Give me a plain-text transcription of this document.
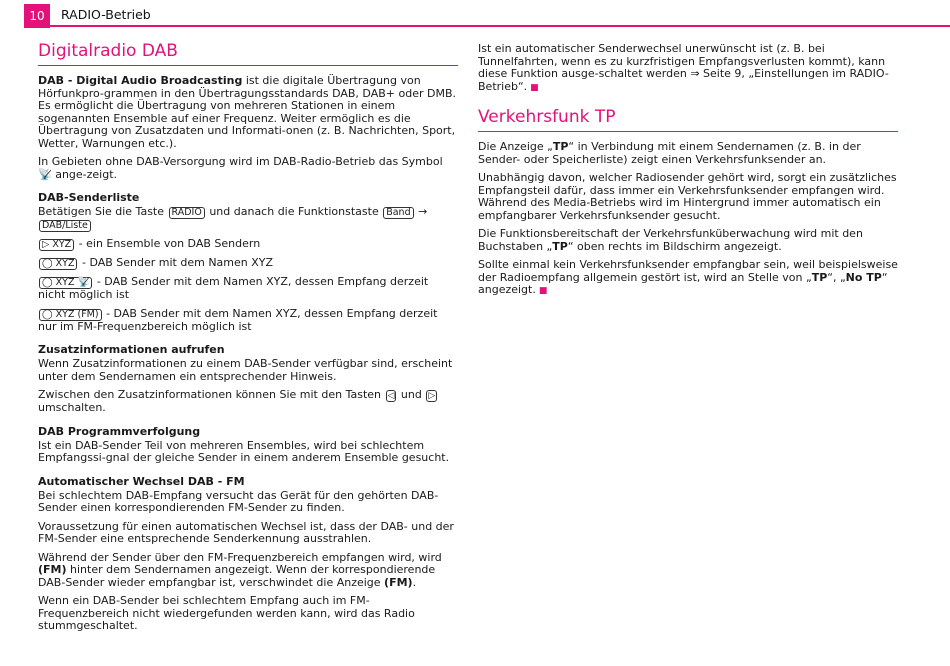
10	RADIO-Betrieb
Digitalradio DAB

DAB - Digital Audio Broadcasting ist die digitale Übertragung von Hörfunkpro-grammen in den Übertragungsstandards DAB, DAB+ oder DMB. Es ermöglicht die Übertragung von mehreren Stationen in einem sogenannten Ensemble auf einer Frequenz. Weiter ermöglich es die Übertragung von Zusatzdaten und Informati-onen (z. B. Nachrichten, Sport, Wetter, Warnungen etc.).

In Gebieten ohne DAB-Versorgung wird im DAB-Radio-Betrieb das Symbol 📡̸ ange-zeigt.

DAB-Senderliste

Betätigen Sie die Taste RADIO und danach die Funktionstaste Band → DAB/Liste

▷ XYZ - ein Ensemble von DAB Sendern

◯ XYZ - DAB Sender mit dem Namen XYZ

◯ XYZ 📡̸ - DAB Sender mit dem Namen XYZ, dessen Empfang derzeit nicht möglich ist

◯ XYZ (FM) - DAB Sender mit dem Namen XYZ, dessen Empfang derzeit nur im FM-Frequenzbereich möglich ist

Zusatzinformationen aufrufen

Wenn Zusatzinformationen zu einem DAB-Sender verfügbar sind, erscheint unter dem Sendernamen ein entsprechender Hinweis.

Zwischen den Zusatzinformationen können Sie mit den Tasten ◁ und ▷ umschalten.

DAB Programmverfolgung

Ist ein DAB-Sender Teil von mehreren Ensembles, wird bei schlechtem Empfangssi-gnal der gleiche Sender in einem anderem Ensemble gesucht.

Automatischer Wechsel DAB - FM

Bei schlechtem DAB-Empfang versucht das Gerät für den gehörten DAB-Sender einen korrespondierenden FM-Sender zu finden.

Voraussetzung für einen automatischen Wechsel ist, dass der DAB- und der FM-Sender eine entsprechende Senderkennung ausstrahlen.

Während der Sender über den FM-Frequenzbereich empfangen wird, wird (FM) hinter dem Sendernamen angezeigt. Wenn der korrespondierende DAB-Sender wieder empfangbar ist, verschwindet die Anzeige (FM).

Wenn ein DAB-Sender bei schlechtem Empfang auch im FM-Frequenzbereich nicht wiedergefunden werden kann, wird das Radio stummgeschaltet.

Ist ein automatischer Senderwechsel unerwünscht ist (z. B. bei Tunnelfahrten, wenn es zu kurzfristigen Empfangsverlusten kommt), kann diese Funktion ausge-schaltet werden ⇒ Seite 9, „Einstellungen im RADIO-Betrieb“. ■

Verkehrsfunk TP

Die Anzeige „TP“ in Verbindung mit einem Sendernamen (z. B. in der Sender- oder Speicherliste) zeigt einen Verkehrsfunksender an.

Unabhängig davon, welcher Radiosender gehört wird, sorgt ein zusätzliches Empfangsteil dafür, dass immer ein Verkehrsfunksender empfangen wird. Während des Media-Betriebs wird im Hintergrund immer automatisch ein empfangbarer Verkehrsfunksender gesucht.

Die Funktionsbereitschaft der Verkehrsfunküberwachung wird mit den Buchstaben „TP“ oben rechts im Bildschirm angezeigt.

Sollte einmal kein Verkehrsfunksender empfangbar sein, weil beispielsweise der Radioempfang allgemein gestört ist, wird an Stelle von „TP“, „No TP“ angezeigt. ■
